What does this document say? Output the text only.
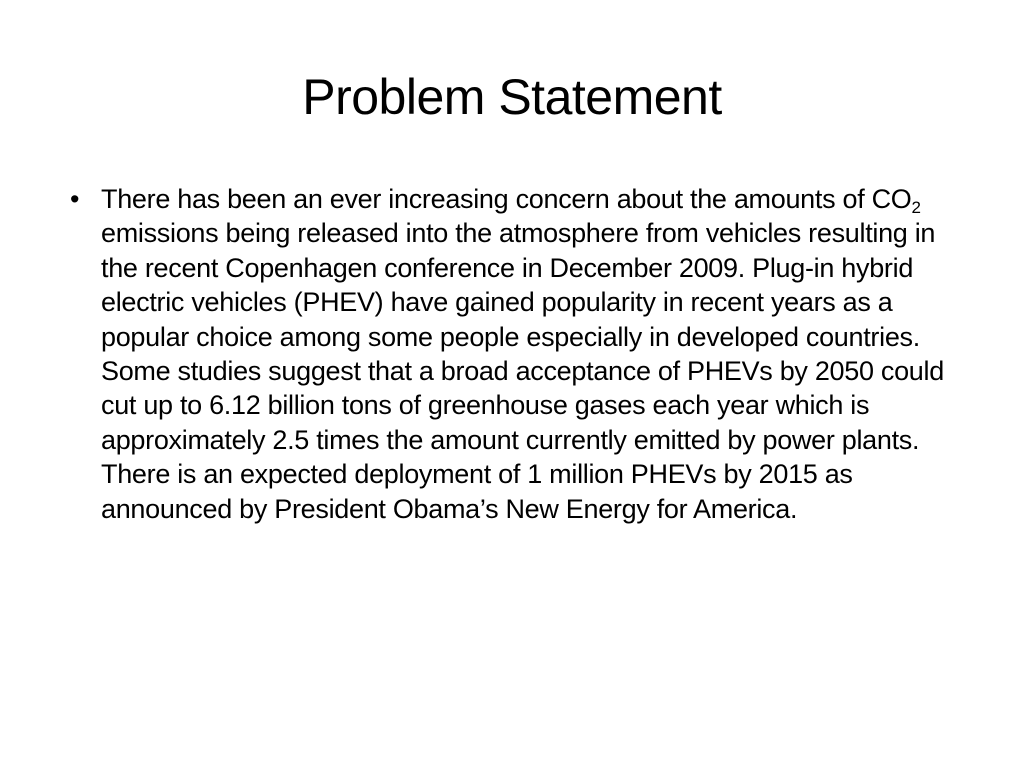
Problem Statement
• There has been an ever increasing concern about the amounts of $CO_2$ emissions being released into the atmosphere from vehicles resulting in the recent Copenhagen conference in December 2009. Plug-in hybrid electric vehicles (PHEV) have gained popularity in recent years as a popular choice among some people especially in developed countries. Some studies suggest that a broad acceptance of PHEVs by 2050 could cut up to 6.12 billion tons of greenhouse gases each year which is approximately 2.5 times the amount currently emitted by power plants. There is an expected deployment of 1 million PHEVs by 2015 as announced by President Obama’s New Energy for America.
